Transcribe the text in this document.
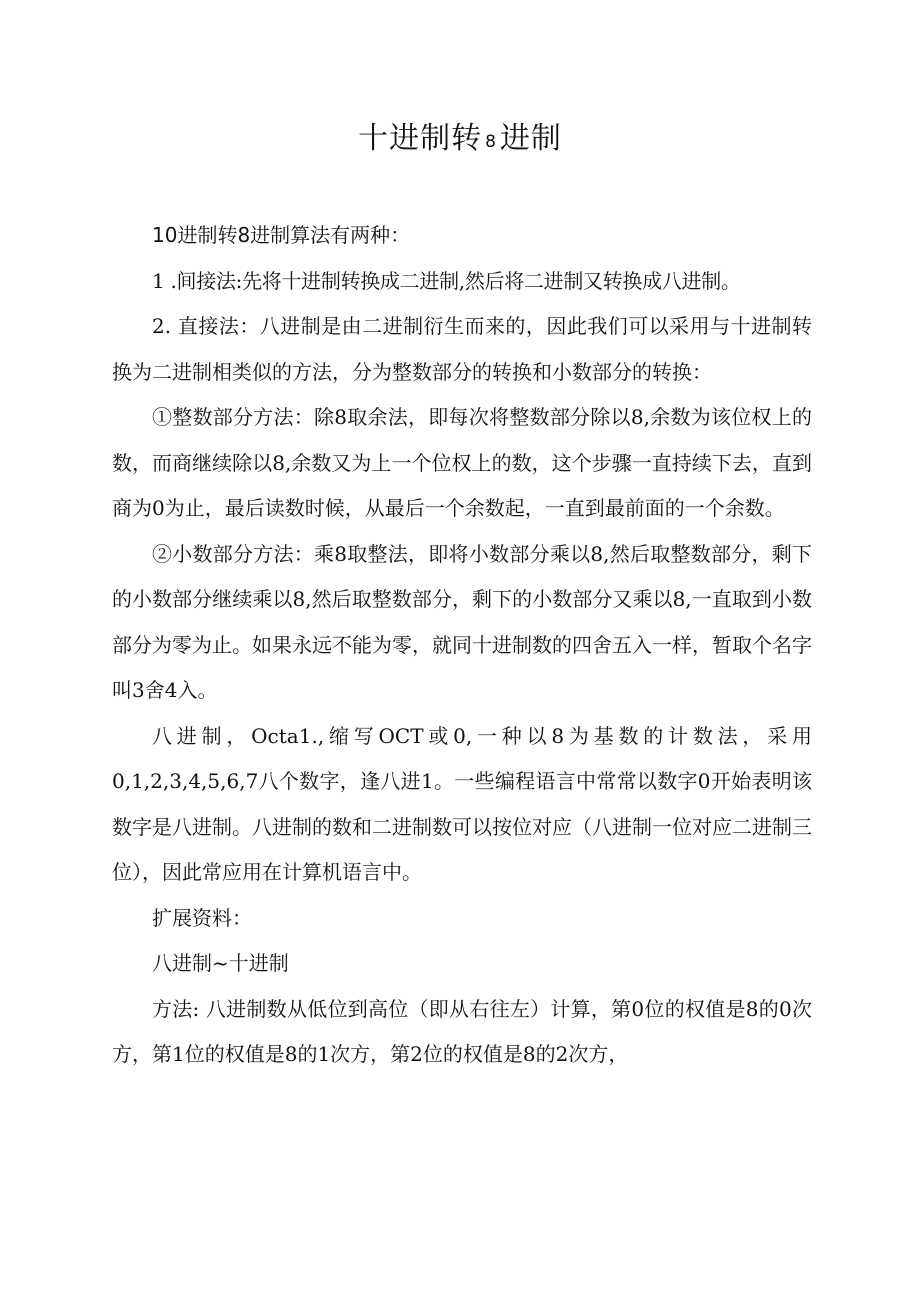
十进制转 8 进制

10进制转8进制算法有两种：

1 .间接法:先将十进制转换成二进制,然后将二进制又转换成八进制。

2. 直接法：八进制是由二进制衍生而来的，因此我们可以采用与十进制转换为二进制相类似的方法，分为整数部分的转换和小数部分的转换：

①整数部分方法：除8取余法，即每次将整数部分除以8,余数为该位权上的数，而商继续除以8,余数又为上一个位权上的数，这个步骤一直持续下去，直到商为0为止，最后读数时候，从最后一个余数起，一直到最前面的一个余数。

②小数部分方法：乘8取整法，即将小数部分乘以8,然后取整数部分，剩下的小数部分继续乘以8,然后取整数部分，剩下的小数部分又乘以8,一直取到小数部分为零为止。如果永远不能为零，就同十进制数的四舍五入一样，暂取个名字叫3舍4入。

八进制，Octa1.,缩写OCT或0,一种以8为基数的计数法，采用0,1,2,3,4,5,6,7八个数字，逢八进1。一些编程语言中常常以数字0开始表明该数字是八进制。八进制的数和二进制数可以按位对应（八进制一位对应二进制三位），因此常应用在计算机语言中。

扩展资料：

八进制~十进制

方法: 八进制数从低位到高位（即从右往左）计算，第0位的权值是8的0次方，第1位的权值是8的1次方，第2位的权值是8的2次方，
